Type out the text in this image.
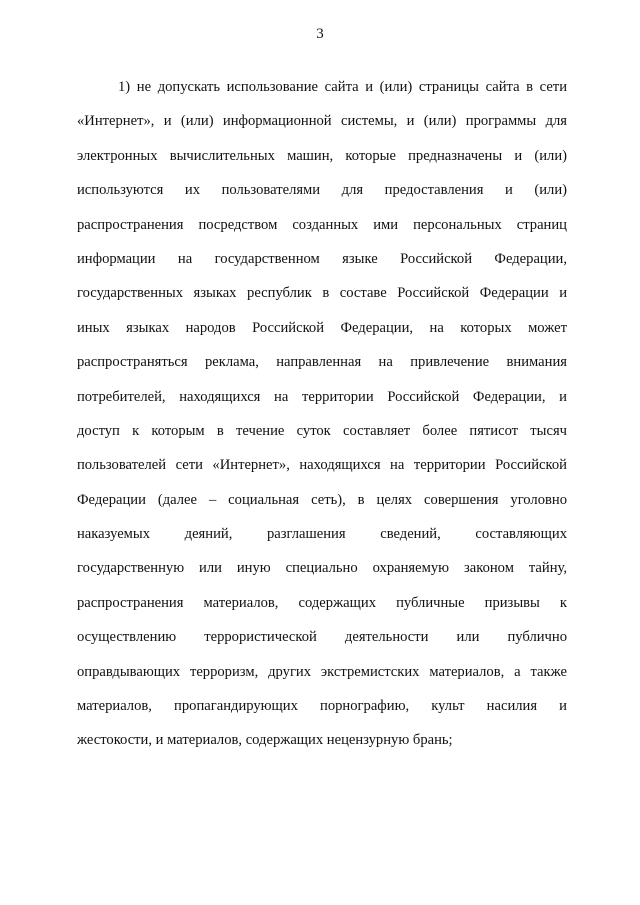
3
1) не допускать использование сайта и (или) страницы сайта в сети
«Интернет», и (или) информационной системы, и (или) программы для
электронных вычислительных машин, которые предназначены и (или)
используются их пользователями для предоставления и (или)
распространения посредством созданных ими персональных страниц
информации на государственном языке Российской Федерации,
государственных языках республик в составе Российской Федерации и
иных языках народов Российской Федерации, на которых может
распространяться реклама, направленная на привлечение внимания
потребителей, находящихся на территории Российской Федерации, и
доступ к которым в течение суток составляет более пятисот тысяч
пользователей сети «Интернет», находящихся на территории Российской
Федерации (далее – социальная сеть), в целях совершения уголовно
наказуемых деяний, разглашения сведений, составляющих
государственную или иную специально охраняемую законом тайну,
распространения материалов, содержащих публичные призывы к
осуществлению террористической деятельности или публично
оправдывающих терроризм, других экстремистских материалов, а также
материалов, пропагандирующих порнографию, культ насилия и
жестокости, и материалов, содержащих нецензурную брань;
